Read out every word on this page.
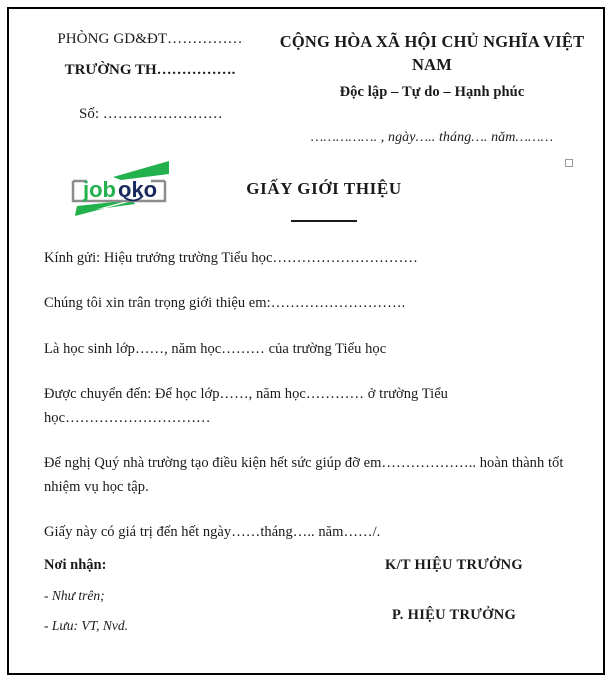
PHÒNG GD&ĐT……………

TRƯỜNG TH…………….

Số: ……………………

CỘNG HÒA XÃ HỘI CHỦ NGHĨA VIỆT NAM

Độc lập – Tự do – Hạnh phúc

……………. , ngày….. tháng…. năm………

job oko	GIẤY GIỚI THIỆU

Kính gửi: Hiệu trưởng trường Tiểu học…………………………

Chúng tôi xin trân trọng giới thiệu em:……………………….

Là học sinh lớp……, năm học……… của trường Tiểu học

Được chuyển đến: Để học lớp……, năm học………… ở trường Tiểu học…………………………

Để nghị Quý nhà trường tạo điều kiện hết sức giúp đỡ em……………….. hoàn thành tốt nhiệm vụ học tập.

Giấy này có giá trị đến hết ngày……tháng….. năm……/.

Nơi nhận:

- Như trên;

- Lưu: VT, Nvd.

K/T HIỆU TRƯỞNG

P. HIỆU TRƯỞNG
